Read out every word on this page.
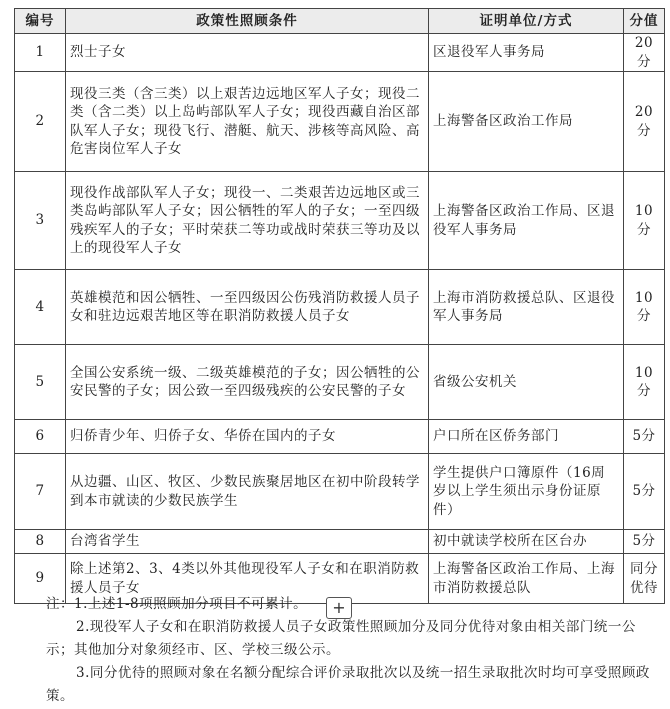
编号	政策性照顾条件	证明单位/方式	分值
1	烈士子女	区退役军人事务局	20分
2	现役三类（含三类）以上艰苦边远地区军人子女；现役二类（含二类）以上岛屿部队军人子女；现役西藏自治区部队军人子女；现役飞行、潜艇、航天、涉核等高风险、高危害岗位军人子女	上海警备区政治工作局	20分
3	现役作战部队军人子女；现役一、二类艰苦边远地区或三类岛屿部队军人子女；因公牺牲的军人的子女；一至四级残疾军人的子女；平时荣获二等功或战时荣获三等功及以上的现役军人子女	上海警备区政治工作局、区退役军人事务局	10分
4	英雄模范和因公牺牲、一至四级因公伤残消防救援人员子女和驻边远艰苦地区等在职消防救援人员子女	上海市消防救援总队、区退役军人事务局	10分
5	全国公安系统一级、二级英雄模范的子女；因公牺牲的公安民警的子女；因公致一至四级残疾的公安民警的子女	省级公安机关	10分
6	归侨青少年、归侨子女、华侨在国内的子女	户口所在区侨务部门	5分
7	从边疆、山区、牧区、少数民族聚居地区在初中阶段转学到本市就读的少数民族学生	学生提供户口簿原件（16周岁以上学生须出示身份证原件）	5分
8	台湾省学生	初中就读学校所在区台办	5分
9	除上述第2、3、4类以外其他现役军人子女和在职消防救援人员子女	上海警备区政治工作局、上海市消防救援总队	同分优待
注：1.上述1-8项照顾加分项目不可累计。
2.现役军人子女和在职消防救援人员子女政策性照顾加分及同分优待对象由相关部门统一公示；其他加分对象须经市、区、学校三级公示。
3.同分优待的照顾对象在名额分配综合评价录取批次以及统一招生录取批次时均可享受照顾政策。
+
